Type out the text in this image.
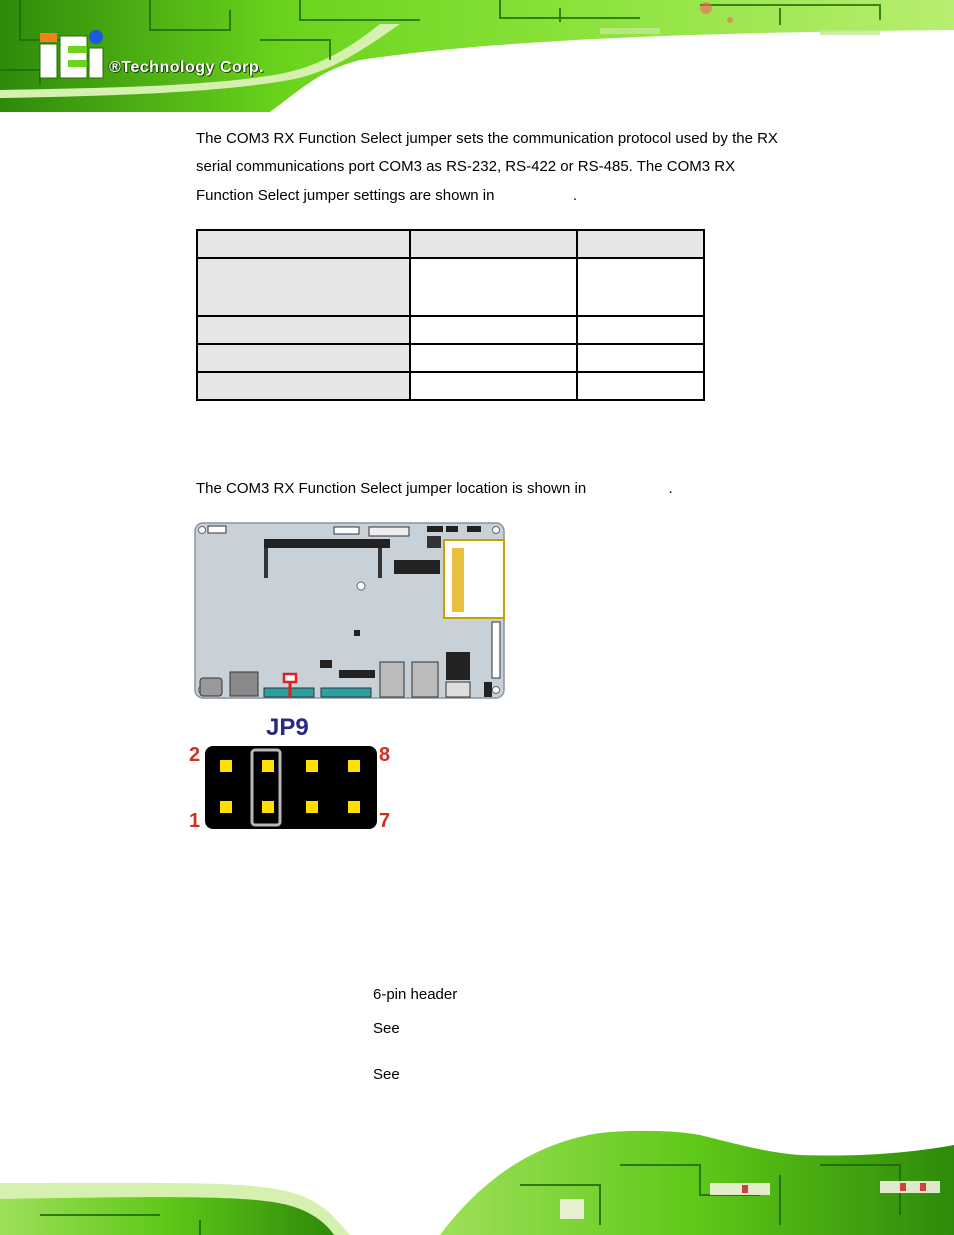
®Technology Corp.
The COM3 RX Function Select jumper sets the communication protocol used by the RX
serial communications port COM3 as RS-232, RS-422 or RS-485. The COM3 RX
Function Select jumper settings are shown in	.

The COM3 RX Function Select jumper location is shown in	.
JP9
2
1
8
7
6-pin header
See
See
